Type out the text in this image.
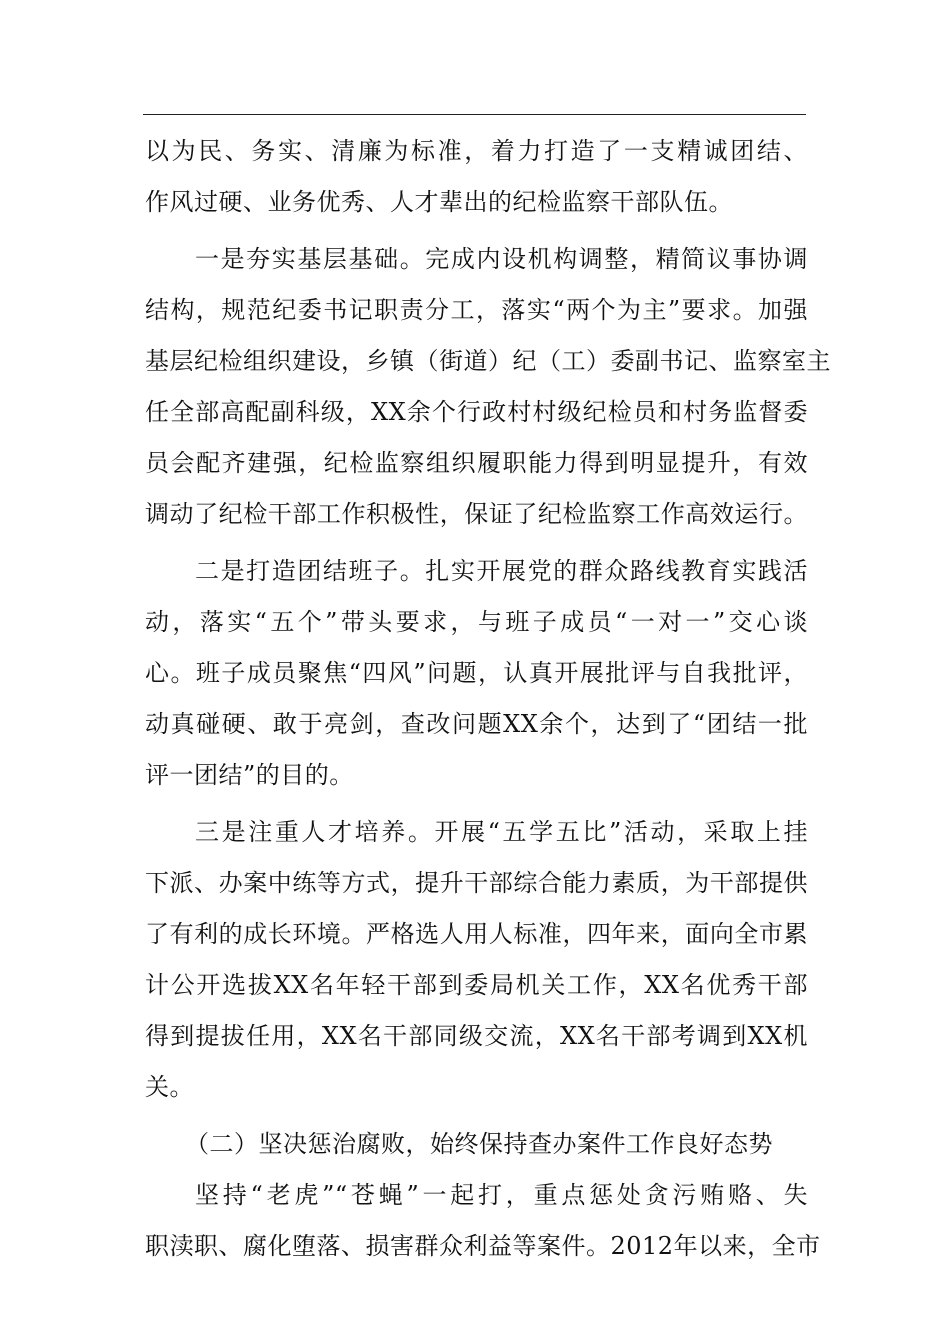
以为民、务实、清廉为标准，着力打造了一支精诚团结、
作风过硬、业务优秀、人才辈出的纪检监察干部队伍。
一是夯实基层基础。完成内设机构调整，精简议事协调
结构，规范纪委书记职责分工，落实“两个为主”要求。加强
基层纪检组织建设，乡镇（街道）纪（工）委副书记、监察室主
任全部高配副科级，XX余个行政村村级纪检员和村务监督委
员会配齐建强，纪检监察组织履职能力得到明显提升，有效
调动了纪检干部工作积极性，保证了纪检监察工作高效运行。
二是打造团结班子。扎实开展党的群众路线教育实践活
动，落实“五个”带头要求，与班子成员“一对一”交心谈
心。班子成员聚焦“四风”问题，认真开展批评与自我批评，
动真碰硬、敢于亮剑，查改问题XX余个，达到了“团结一批
评一团结”的目的。
三是注重人才培养。开展“五学五比”活动，采取上挂
下派、办案中练等方式，提升干部综合能力素质，为干部提供
了有利的成长环境。严格选人用人标准，四年来，面向全市累
计公开选拔XX名年轻干部到委局机关工作，XX名优秀干部
得到提拔任用，XX名干部同级交流，XX名干部考调到XX机
关。
（二）坚决惩治腐败，始终保持查办案件工作良好态势
坚持“老虎”“苍蝇”一起打，重点惩处贪污贿赂、失
职渎职、腐化堕落、损害群众利益等案件。2012年以来，全市
